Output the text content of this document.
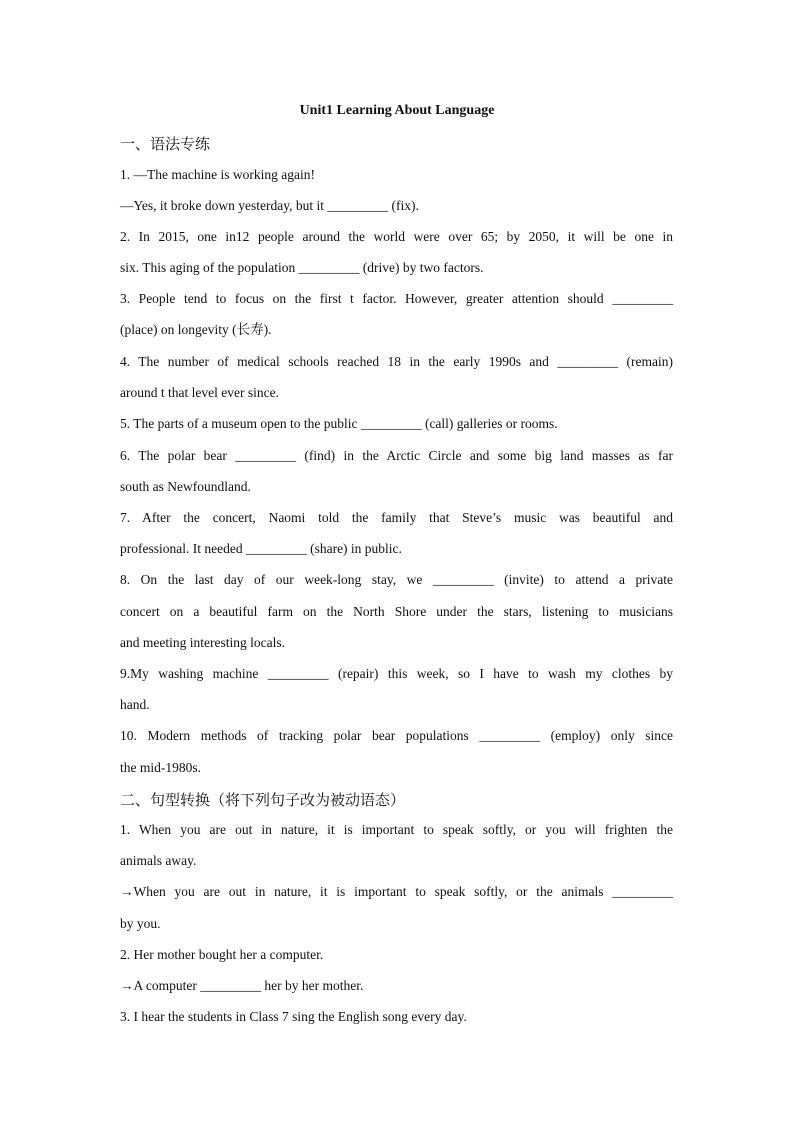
Unit1 Learning About Language
一、语法专练
1. —The machine is working again!
—Yes, it broke down yesterday, but it _________ (fix).
2. In 2015, one in12 people around the world were over 65; by 2050, it will be one in
six. This aging of the population _________ (drive) by two factors.
3. People tend to focus on the first t factor. However, greater attention should _________
(place) on longevity (长寿).
4. The number of medical schools reached 18 in the early 1990s and _________ (remain)
around t that level ever since.
5. The parts of a museum open to the public _________ (call) galleries or rooms.
6. The polar bear _________ (find) in the Arctic Circle and some big land masses as far
south as Newfoundland.
7. After the concert, Naomi told the family that Steve’s music was beautiful and
professional. It needed _________ (share) in public.
8. On the last day of our week-long stay, we _________ (invite) to attend a private
concert on a beautiful farm on the North Shore under the stars, listening to musicians
and meeting interesting locals.
9.My washing machine _________ (repair) this week, so I have to wash my clothes by
hand.
10. Modern methods of tracking polar bear populations _________ (employ) only since
the mid-1980s.
二、句型转换（将下列句子改为被动语态）
1. When you are out in nature, it is important to speak softly, or you will frighten the
animals away.
→When you are out in nature, it is important to speak softly, or the animals _________
by you.
2. Her mother bought her a computer.
→A computer _________ her by her mother.
3. I hear the students in Class 7 sing the English song every day.
